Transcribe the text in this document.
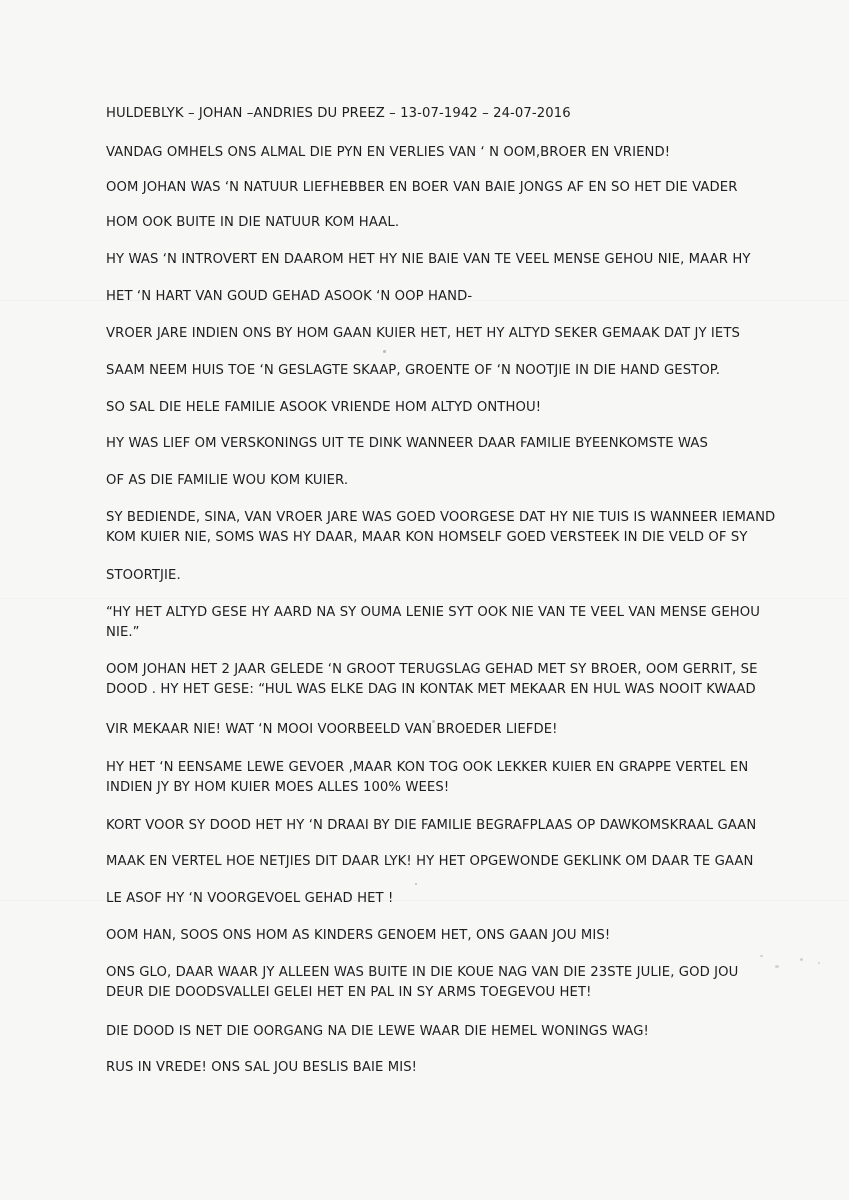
HULDEBLYK – JOHAN –ANDRIES DU PREEZ – 13-07-1942 – 24-07-2016

VANDAG OMHELS ONS ALMAL DIE PYN EN VERLIES VAN ‘ N OOM,BROER EN VRIEND!

OOM JOHAN WAS ‘N NATUUR LIEFHEBBER EN BOER VAN BAIE JONGS AF EN SO HET DIE VADER

HOM OOK BUITE IN DIE NATUUR KOM HAAL.

HY WAS ‘N INTROVERT EN DAAROM HET HY NIE BAIE VAN TE VEEL MENSE GEHOU NIE, MAAR HY

HET ‘N HART VAN GOUD GEHAD ASOOK ‘N OOP HAND-

VROER JARE INDIEN ONS BY HOM GAAN KUIER HET, HET HY ALTYD SEKER GEMAAK DAT JY IETS

SAAM NEEM HUIS TOE ‘N GESLAGTE SKAAP, GROENTE OF ‘N NOOTJIE IN DIE HAND GESTOP.

SO SAL DIE HELE FAMILIE ASOOK VRIENDE HOM ALTYD ONTHOU!

HY WAS LIEF OM VERSKONINGS UIT TE DINK WANNEER DAAR FAMILIE BYEENKOMSTE WAS

OF AS DIE FAMILIE WOU KOM KUIER.

SY BEDIENDE, SINA, VAN VROER JARE WAS GOED VOORGESE DAT HY NIE TUIS IS WANNEER IEMAND
KOM KUIER NIE, SOMS WAS HY DAAR, MAAR KON HOMSELF GOED VERSTEEK IN DIE VELD OF SY

STOORTJIE.

“HY HET ALTYD GESE HY AARD NA SY OUMA LENIE SYT OOK NIE VAN TE VEEL VAN MENSE GEHOU
NIE.”

OOM JOHAN HET 2 JAAR GELEDE ‘N GROOT TERUGSLAG GEHAD MET SY BROER, OOM GERRIT, SE
DOOD . HY HET GESE: “HUL WAS ELKE DAG IN KONTAK MET MEKAAR EN HUL WAS NOOIT KWAAD

VIR MEKAAR NIE! WAT ‘N MOOI VOORBEELD VAN BROEDER LIEFDE!

HY HET ‘N EENSAME LEWE GEVOER ,MAAR KON TOG OOK LEKKER KUIER EN GRAPPE VERTEL EN
INDIEN JY BY HOM KUIER MOES ALLES 100% WEES!

KORT VOOR SY DOOD HET HY ‘N DRAAI BY DIE FAMILIE BEGRAFPLAAS OP DAWKOMSKRAAL GAAN

MAAK EN VERTEL HOE NETJIES DIT DAAR LYK! HY HET OPGEWONDE GEKLINK OM DAAR TE GAAN

LE ASOF HY ‘N VOORGEVOEL GEHAD HET !

OOM HAN, SOOS ONS HOM AS KINDERS GENOEM HET, ONS GAAN JOU MIS!

ONS GLO, DAAR WAAR JY ALLEEN WAS BUITE IN DIE KOUE NAG VAN DIE 23STE JULIE, GOD JOU
DEUR DIE DOODSVALLEI GELEI HET EN PAL IN SY ARMS TOEGEVOU HET!

DIE DOOD IS NET DIE OORGANG NA DIE LEWE WAAR DIE HEMEL WONINGS WAG!

RUS IN VREDE! ONS SAL JOU BESLIS BAIE MIS!
